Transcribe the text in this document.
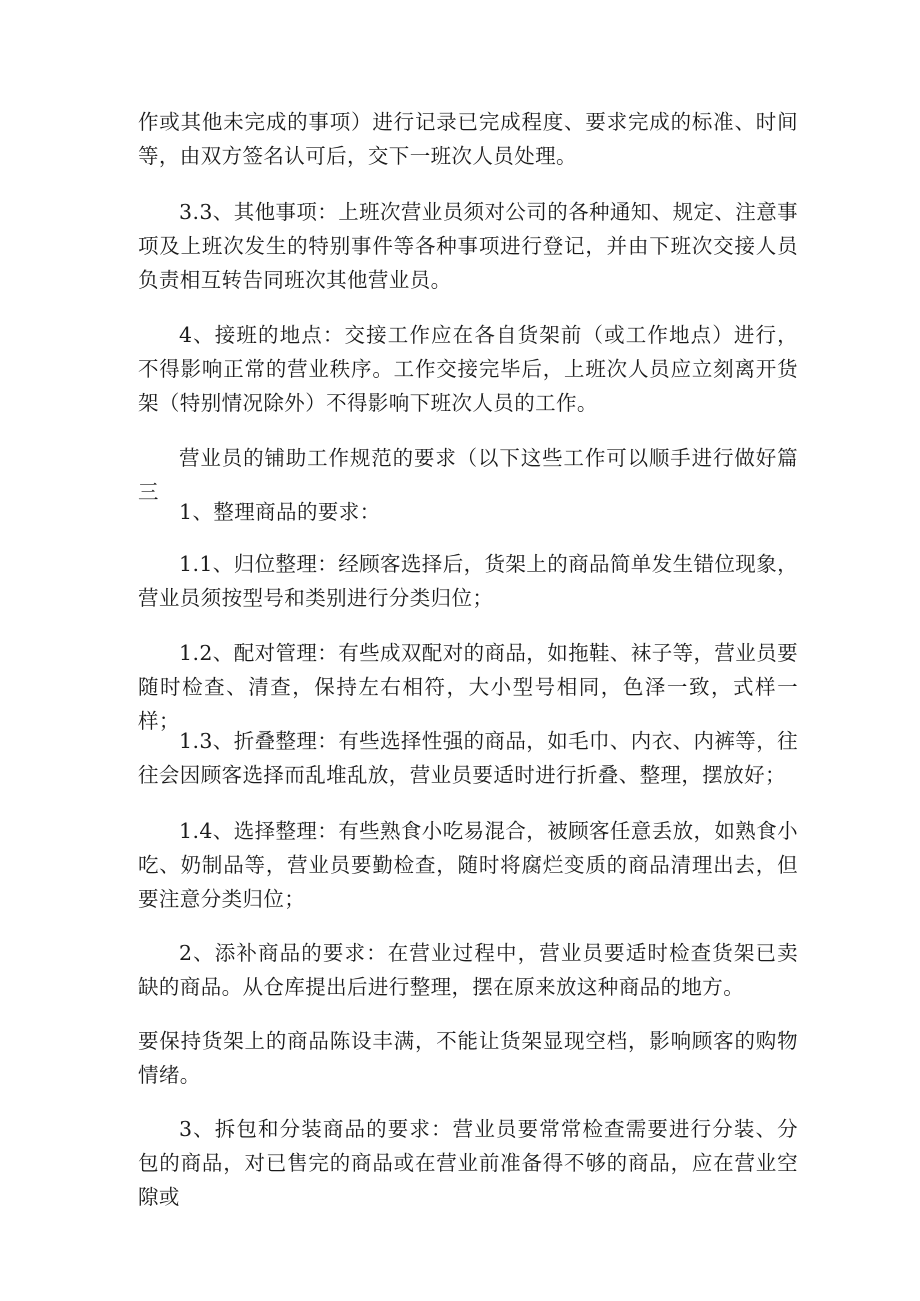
作或其他未完成的事项）进行记录已完成程度、要求完成的标准、时间等，由双方签名认可后，交下一班次人员处理。

3.3、其他事项：上班次营业员须对公司的各种通知、规定、注意事项及上班次发生的特别事件等各种事项进行登记，并由下班次交接人员负责相互转告同班次其他营业员。

4、接班的地点：交接工作应在各自货架前（或工作地点）进行，不得影响正常的营业秩序。工作交接完毕后，上班次人员应立刻离开货架（特别情况除外）不得影响下班次人员的工作。

营业员的铺助工作规范的要求（以下这些工作可以顺手进行做好篇三

1、整理商品的要求：

1.1、归位整理：经顾客选择后，货架上的商品简单发生错位现象，营业员须按型号和类别进行分类归位；

1.2、配对管理：有些成双配对的商品，如拖鞋、袜子等，营业员要随时检查、清查，保持左右相符，大小型号相同，色泽一致，式样一样；

1.3、折叠整理：有些选择性强的商品，如毛巾、内衣、内裤等，往往会因顾客选择而乱堆乱放，营业员要适时进行折叠、整理，摆放好；

1.4、选择整理：有些熟食小吃易混合，被顾客任意丢放，如熟食小吃、奶制品等，营业员要勤检查，随时将腐烂变质的商品清理出去，但要注意分类归位；

2、添补商品的要求：在营业过程中，营业员要适时检查货架已卖缺的商品。从仓库提出后进行整理，摆在原来放这种商品的地方。

要保持货架上的商品陈设丰满，不能让货架显现空档，影响顾客的购物情绪。

3、拆包和分装商品的要求：营业员要常常检查需要进行分装、分包的商品，对已售完的商品或在营业前准备得不够的商品，应在营业空隙或
